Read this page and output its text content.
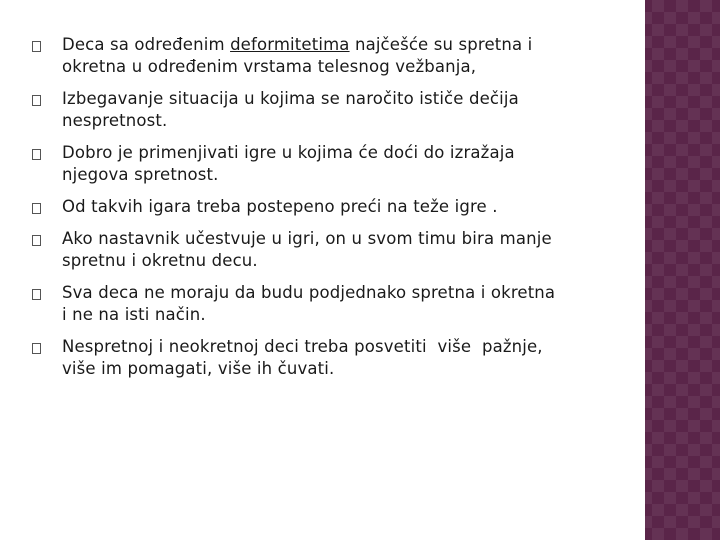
Deca sa određenim deformitetima najčešće su spretna i
okretna u određenim vrstama telesnog vežbanja,
Izbegavanje situacija u kojima se naročito ističe dečija
nespretnost.
Dobro je primenjivati igre u kojima će doći do izražaja
njegova spretnost.
Od takvih igara treba postepeno preći na teže igre .
Ako nastavnik učestvuje u igri, on u svom timu bira manje
spretnu i okretnu decu.
Sva deca ne moraju da budu podjednako spretna i okretna
i ne na isti način.
Nespretnoj i neokretnoj deci treba posvetiti  više  pažnje,
više im pomagati, više ih čuvati.
